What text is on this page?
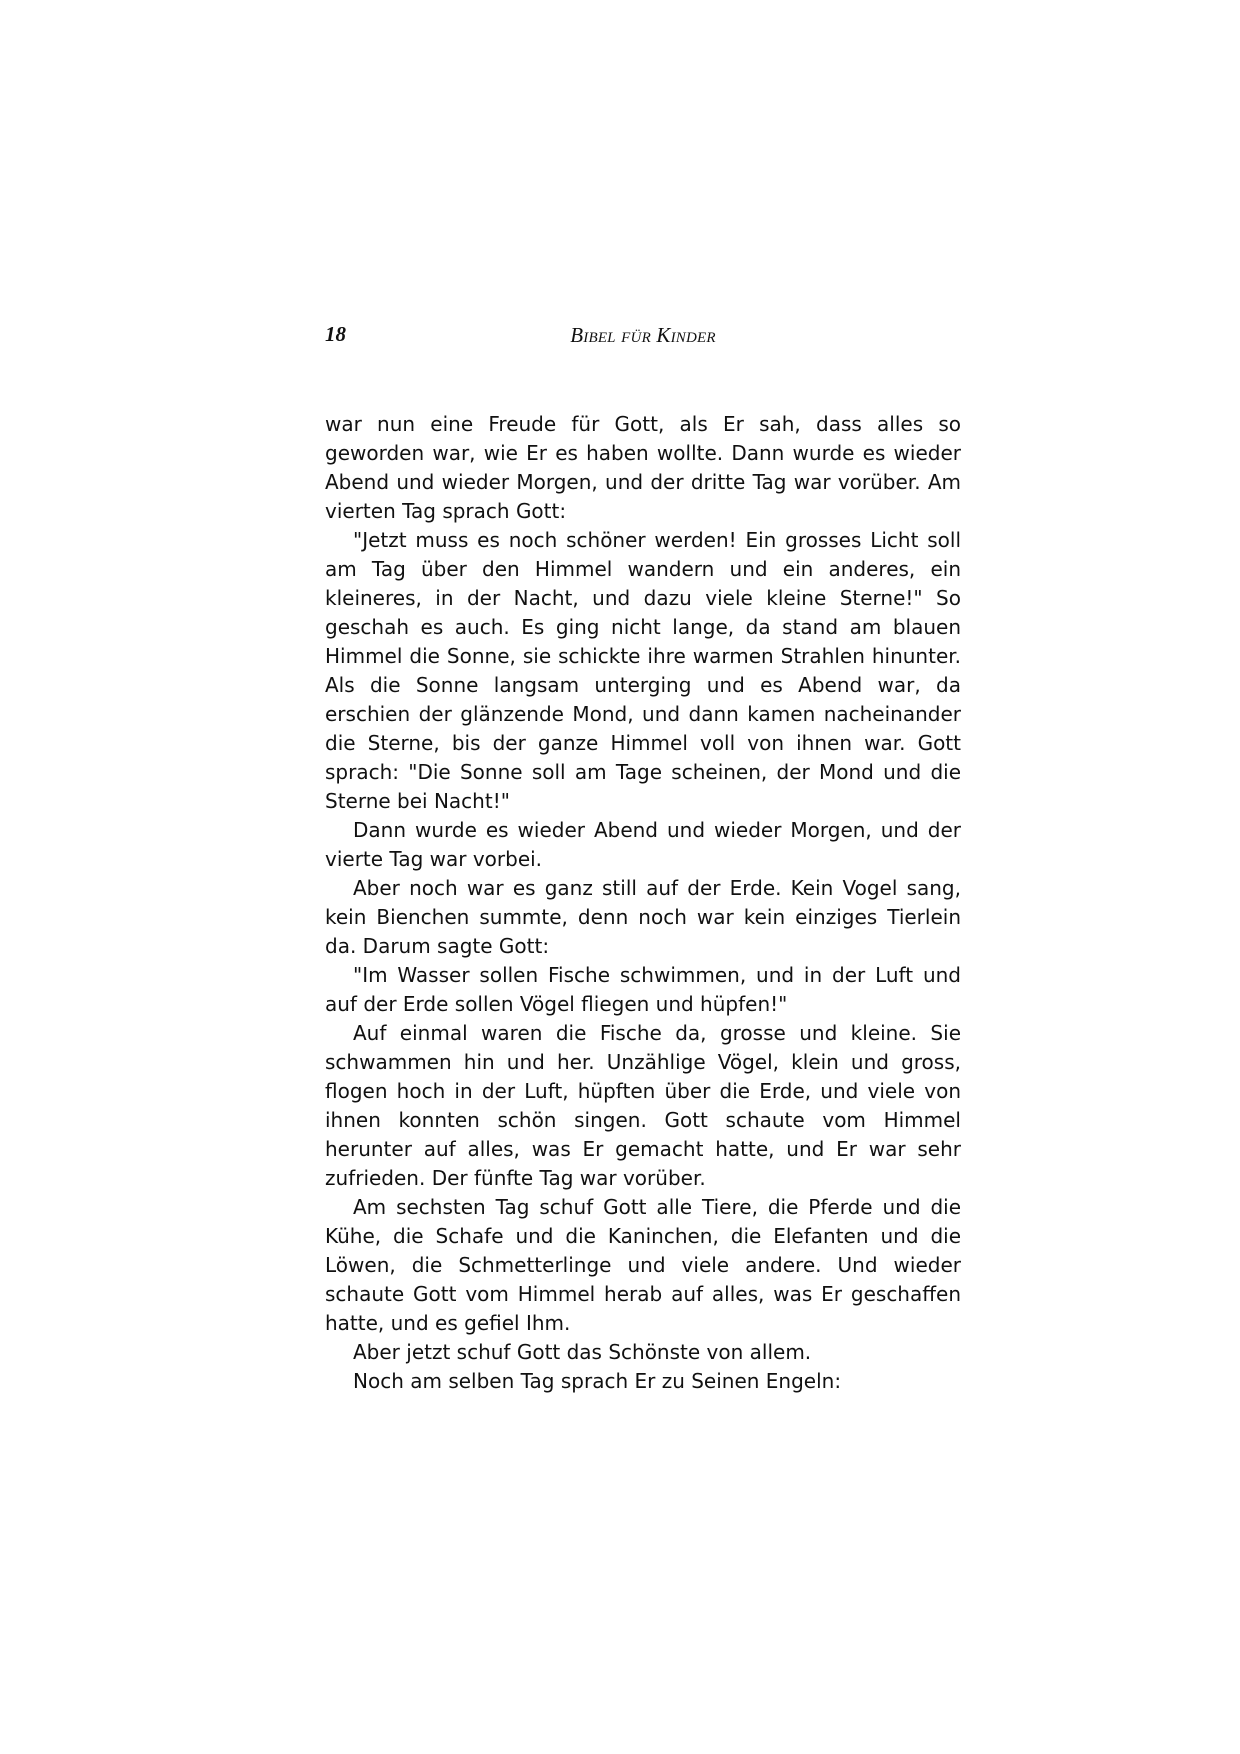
18	Bibel für Kinder

war nun eine Freude für Gott, als Er sah, dass alles so geworden war, wie Er es haben wollte. Dann wurde es wieder Abend und wieder Morgen, und der dritte Tag war vorüber. Am vierten Tag sprach Gott:

"Jetzt muss es noch schöner werden! Ein grosses Licht soll am Tag über den Himmel wandern und ein anderes, ein kleineres, in der Nacht, und dazu viele kleine Sterne!" So geschah es auch. Es ging nicht lange, da stand am blauen Himmel die Sonne, sie schickte ihre warmen Strahlen hinunter. Als die Sonne langsam unterging und es Abend war, da erschien der glänzende Mond, und dann kamen nacheinander die Sterne, bis der ganze Himmel voll von ihnen war. Gott sprach: "Die Sonne soll am Tage scheinen, der Mond und die Sterne bei Nacht!"

Dann wurde es wieder Abend und wieder Morgen, und der vierte Tag war vorbei.

Aber noch war es ganz still auf der Erde. Kein Vogel sang, kein Bienchen summte, denn noch war kein einziges Tierlein da. Darum sagte Gott:

"Im Wasser sollen Fische schwimmen, und in der Luft und auf der Erde sollen Vögel fliegen und hüpfen!"

Auf einmal waren die Fische da, grosse und kleine. Sie schwammen hin und her. Unzählige Vögel, klein und gross, flogen hoch in der Luft, hüpften über die Erde, und viele von ihnen konnten schön singen. Gott schaute vom Himmel herunter auf alles, was Er gemacht hatte, und Er war sehr zufrieden. Der fünfte Tag war vorüber.

Am sechsten Tag schuf Gott alle Tiere, die Pferde und die Kühe, die Schafe und die Kaninchen, die Elefanten und die Löwen, die Schmetterlinge und viele andere. Und wieder schaute Gott vom Himmel herab auf alles, was Er geschaffen hatte, und es gefiel Ihm.

Aber jetzt schuf Gott das Schönste von allem.

Noch am selben Tag sprach Er zu Seinen Engeln:
